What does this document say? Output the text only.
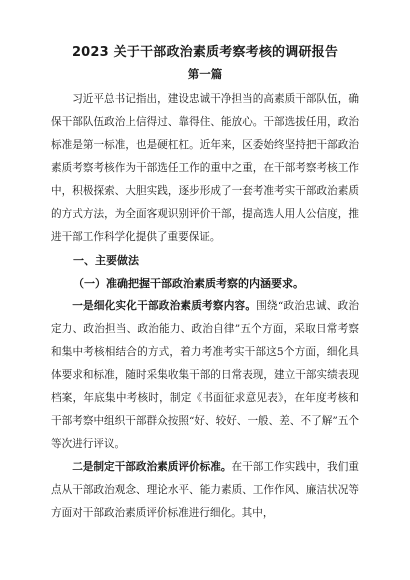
2023 关于干部政治素质考察考核的调研报告
第一篇

习近平总书记指出，建设忠诚干净担当的高素质干部队伍，确保干部队伍政治上信得过、靠得住、能放心。干部选拔任用，政治标准是第一标准，也是硬杠杠。近年来，区委始终坚持把干部政治素质考察考核作为干部选任工作的重中之重，在干部考察考核工作中，积极探索、大胆实践，逐步形成了一套考准考实干部政治素质的方式方法，为全面客观识别评价干部，提高选人用人公信度，推进干部工作科学化提供了重要保证。

一、主要做法

（一）准确把握干部政治素质考察的内涵要求。

一是细化实化干部政治素质考察内容。围绕“政治忠诚、政治定力、政治担当、政治能力、政治自律”五个方面，采取日常考察和集中考核相结合的方式，着力考准考实干部这5个方面，细化具体要求和标准，随时采集收集干部的日常表现，建立干部实绩表现档案，年底集中考核时，制定《书面征求意见表》，在年度考核和干部考察中组织干部群众按照“好、较好、一般、差、不了解”五个等次进行评议。

二是制定干部政治素质评价标准。在干部工作实践中，我们重点从干部政治观念、理论水平、能力素质、工作作风、廉洁状况等方面对干部政治素质评价标准进行细化。其中，
